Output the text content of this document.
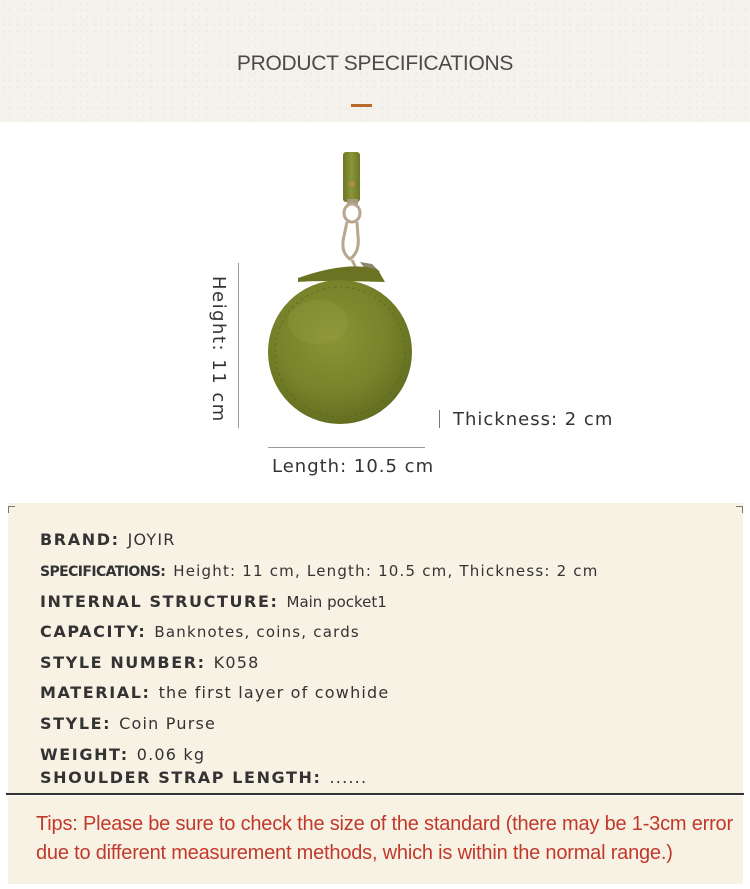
PRODUCT SPECIFICATIONS
Height: 11 cm
Length: 10.5 cm
Thickness: 2 cm
BRAND: JOYIR
SPECIFICATIONS: Height: 11 cm, Length: 10.5 cm, Thickness: 2 cm
INTERNAL STRUCTURE: Main pocket1
CAPACITY: Banknotes, coins, cards
STYLE NUMBER: K058
MATERIAL: the first layer of cowhide
STYLE: Coin Purse
WEIGHT: 0.06 kg
SHOULDER STRAP LENGTH: ......
Tips: Please be sure to check the size of the standard (there may be 1-3cm error due to different measurement methods, which is within the normal range.)
